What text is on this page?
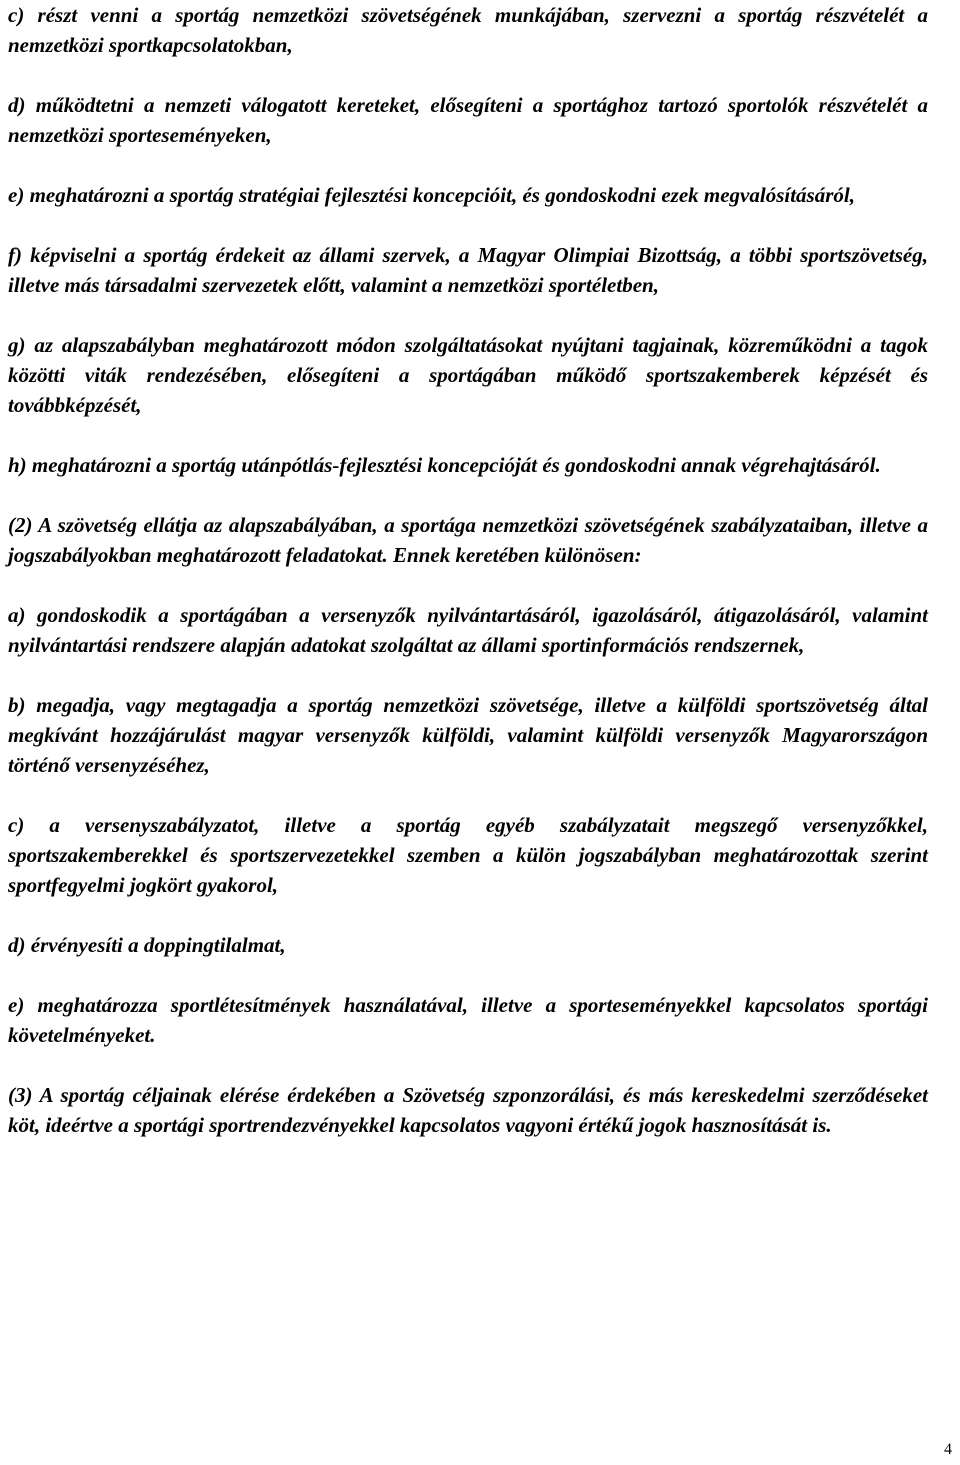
c) részt venni a sportág nemzetközi szövetségének munkájában, szervezni a sportág részvételét a nemzetközi sportkapcsolatokban,

d) működtetni a nemzeti válogatott kereteket, elősegíteni a sportághoz tartozó sportolók részvételét a nemzetközi sporteseményeken,

e) meghatározni a sportág stratégiai fejlesztési koncepcióit, és gondoskodni ezek megvalósításáról,

f) képviselni a sportág érdekeit az állami szervek, a Magyar Olimpiai Bizottság, a többi sportszövetség, illetve más társadalmi szervezetek előtt, valamint a nemzetközi sportéletben,

g) az alapszabályban meghatározott módon szolgáltatásokat nyújtani tagjainak, közreműködni a tagok közötti viták rendezésében, elősegíteni a sportágában működő sportszakemberek képzését és továbbképzését,

h) meghatározni a sportág utánpótlás-fejlesztési koncepcióját és gondoskodni annak végrehajtásáról.

(2) A szövetség ellátja az alapszabályában, a sportága nemzetközi szövetségének szabályzataiban, illetve a jogszabályokban meghatározott feladatokat. Ennek keretében különösen:

a) gondoskodik a sportágában a versenyzők nyilvántartásáról, igazolásáról, átigazolásáról, valamint nyilvántartási rendszere alapján adatokat szolgáltat az állami sportinformációs rendszernek,

b) megadja, vagy megtagadja a sportág nemzetközi szövetsége, illetve a külföldi sportszövetség által megkívánt hozzájárulást magyar versenyzők külföldi, valamint külföldi versenyzők Magyarországon történő versenyzéséhez,

c) a versenyszabályzatot, illetve a sportág egyéb szabályzatait megszegő versenyzőkkel, sportszakemberekkel és sportszervezetekkel szemben a külön jogszabályban meghatározottak szerint sportfegyelmi jogkört gyakorol,

d) érvényesíti a doppingtilalmat,

e) meghatározza sportlétesítmények használatával, illetve a sporteseményekkel kapcsolatos sportági követelményeket.

(3) A sportág céljainak elérése érdekében a Szövetség szponzorálási, és más kereskedelmi szerződéseket köt, ideértve a sportági sportrendezvényekkel kapcsolatos vagyoni értékű jogok hasznosítását is.

4
